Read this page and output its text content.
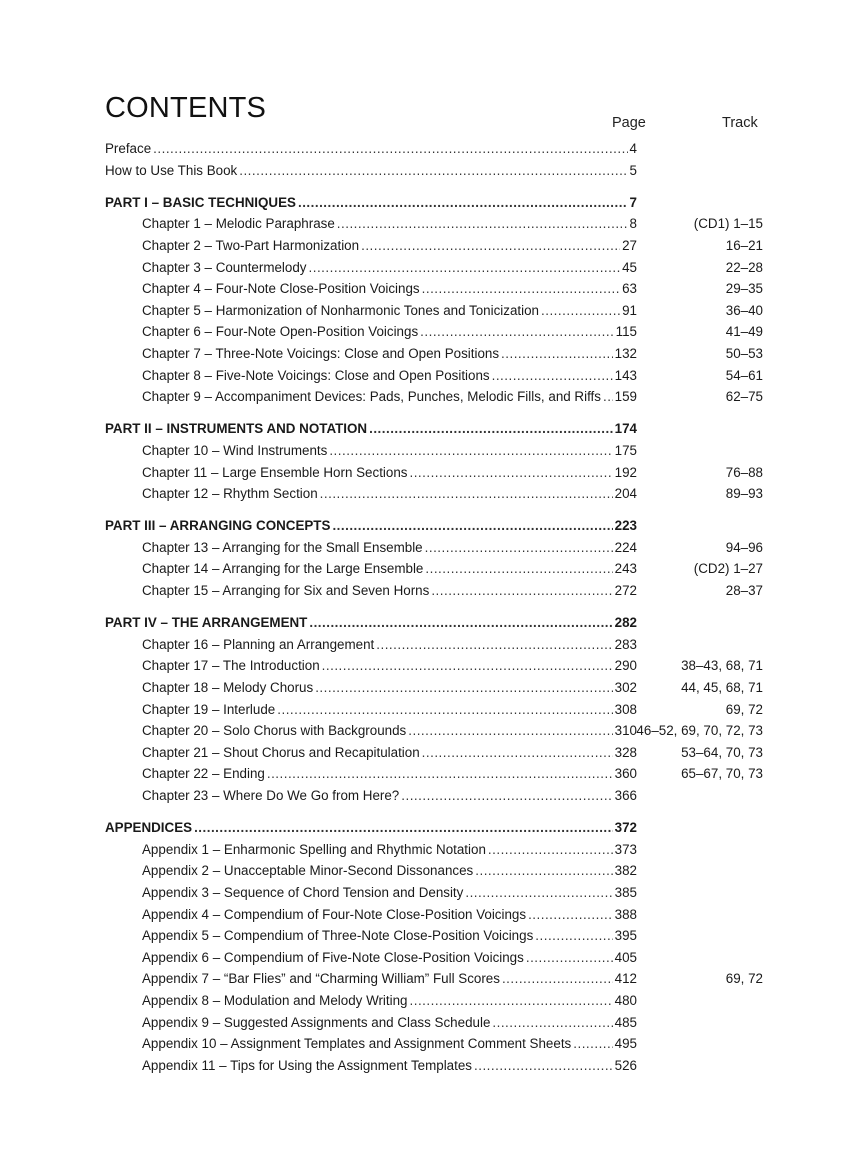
CONTENTS	Page	Track
Preface .....	4
How to Use This Book .....	5
PART I – BASIC TECHNIQUES .....	7
Chapter 1 – Melodic Paraphrase .....	8	(CD1) 1–15
Chapter 2 – Two-Part Harmonization .....	27	16–21
Chapter 3 – Countermelody .....	45	22–28
Chapter 4 – Four-Note Close-Position Voicings .....	63	29–35
Chapter 5 – Harmonization of Nonharmonic Tones and Tonicization .....	91	36–40
Chapter 6 – Four-Note Open-Position Voicings .....	115	41–49
Chapter 7 – Three-Note Voicings: Close and Open Positions .....	132	50–53
Chapter 8 – Five-Note Voicings: Close and Open Positions .....	143	54–61
Chapter 9 – Accompaniment Devices: Pads, Punches, Melodic Fills, and Riffs ..... 159	62–75
PART II – INSTRUMENTS AND NOTATION .....	174
Chapter 10 – Wind Instruments .....	175
Chapter 11 – Large Ensemble Horn Sections .....	192	76–88
Chapter 12 – Rhythm Section .....	204	89–93
PART III – ARRANGING CONCEPTS .....	223
Chapter 13 – Arranging for the Small Ensemble .....	224	94–96
Chapter 14 – Arranging for the Large Ensemble .....	243	(CD2) 1–27
Chapter 15 – Arranging for Six and Seven Horns .....	272	28–37
PART IV – THE ARRANGEMENT .....	282
Chapter 16 – Planning an Arrangement .....	283
Chapter 17 – The Introduction .....	290	38–43, 68, 71
Chapter 18 – Melody Chorus .....	302	44, 45, 68, 71
Chapter 19 – Interlude .....	308	69, 72
Chapter 20 – Solo Chorus with Backgrounds .....	310 46–52, 69, 70, 72, 73
Chapter 21 – Shout Chorus and Recapitulation .....	328	53–64, 70, 73
Chapter 22 – Ending .....	360	65–67, 70, 73
Chapter 23 – Where Do We Go from Here? .....	366
APPENDICES .....	372
Appendix 1 – Enharmonic Spelling and Rhythmic Notation .....	373
Appendix 2 – Unacceptable Minor-Second Dissonances .....	382
Appendix 3 – Sequence of Chord Tension and Density .....	385
Appendix 4 – Compendium of Four-Note Close-Position Voicings .....	388
Appendix 5 – Compendium of Three-Note Close-Position Voicings .....	395
Appendix 6 – Compendium of Five-Note Close-Position Voicings .....	405
Appendix 7 – “Bar Flies” and “Charming William” Full Scores .....	412	69, 72
Appendix 8 – Modulation and Melody Writing .....	480
Appendix 9 – Suggested Assignments and Class Schedule .....	485
Appendix 10 – Assignment Templates and Assignment Comment Sheets .....	495
Appendix 11 – Tips for Using the Assignment Templates .....	526
